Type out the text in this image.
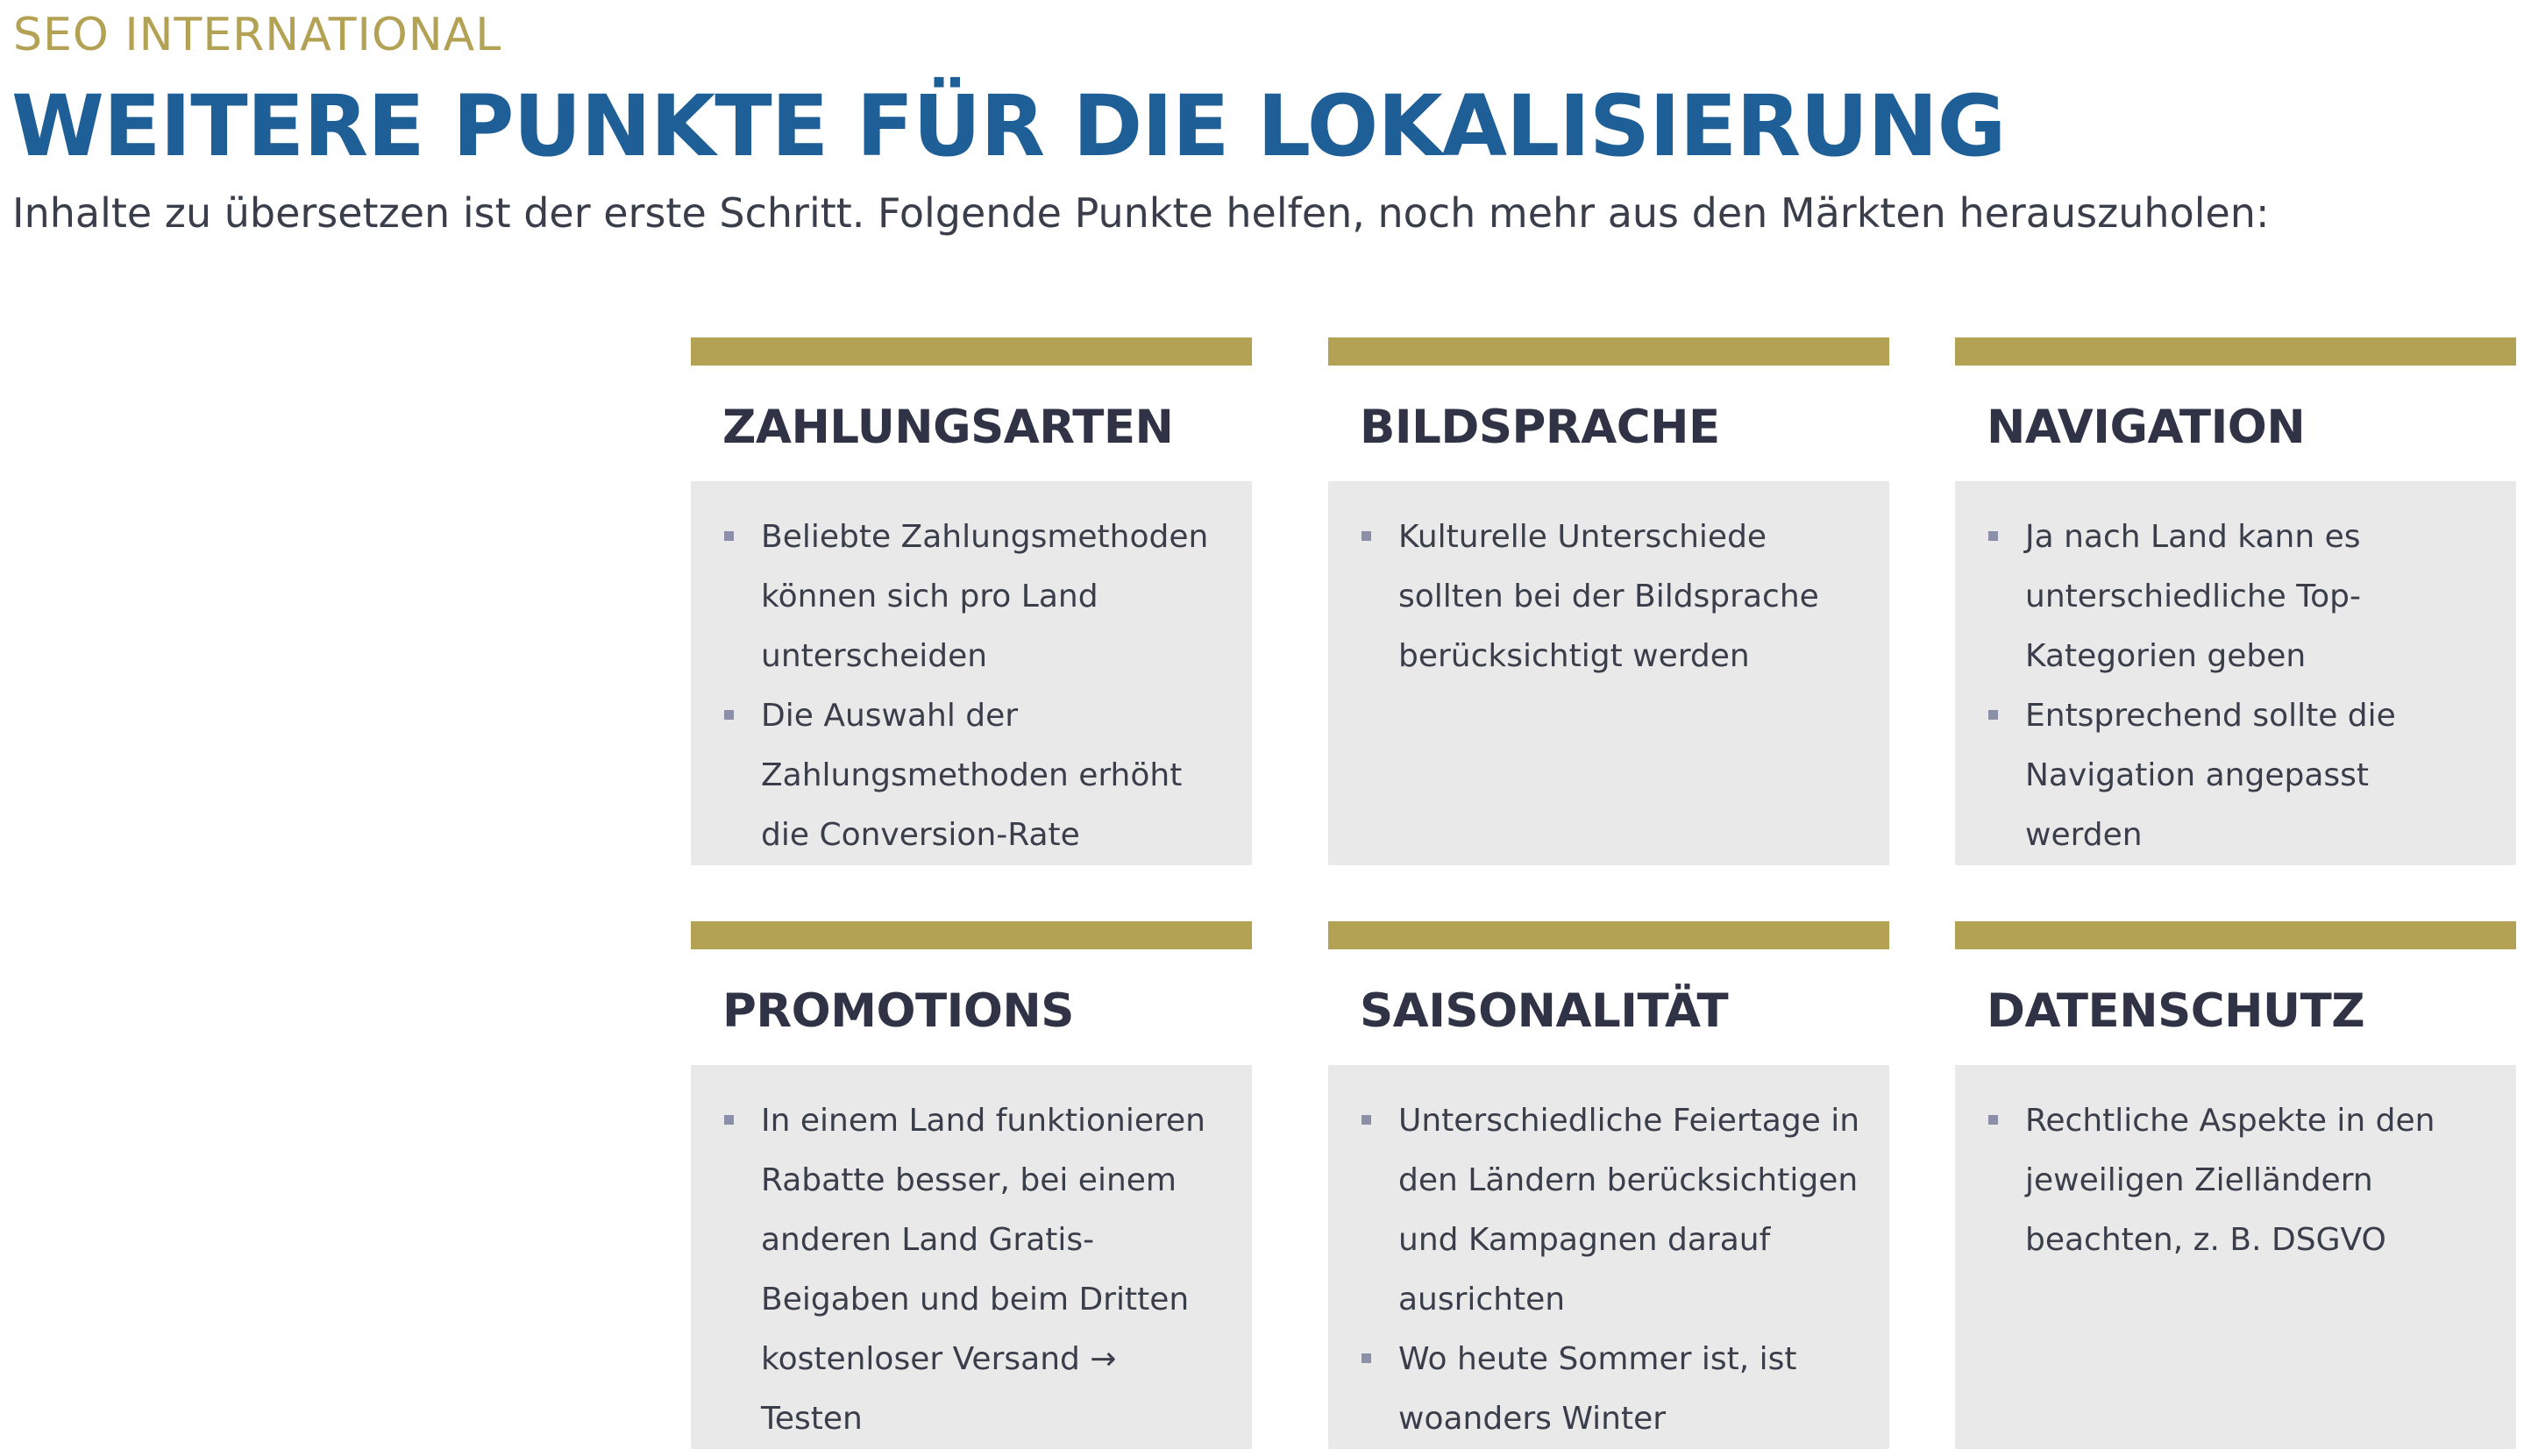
SEO INTERNATIONAL
WEITERE PUNKTE FÜR DIE LOKALISIERUNG
Inhalte zu übersetzen ist der erste Schritt. Folgende Punkte helfen, noch mehr aus den Märkten herauszuholen:
ZAHLUNGSARTEN
Beliebte Zahlungsmethoden können sich pro Land unterscheiden
Die Auswahl der Zahlungsmethoden erhöht die Conversion-Rate
BILDSPRACHE
Kulturelle Unterschiede sollten bei der Bildsprache berücksichtigt werden
NAVIGATION
Ja nach Land kann es unterschiedliche Top-Kategorien geben
Entsprechend sollte die Navigation angepasst werden
PROMOTIONS
In einem Land funktionieren Rabatte besser, bei einem anderen Land Gratis-Beigaben und beim Dritten kostenloser Versand → Testen
SAISONALITÄT
Unterschiedliche Feiertage in den Ländern berücksichtigen und Kampagnen darauf ausrichten
Wo heute Sommer ist, ist woanders Winter
DATENSCHUTZ
Rechtliche Aspekte in den jeweiligen Zielländern beachten, z. B. DSGVO
